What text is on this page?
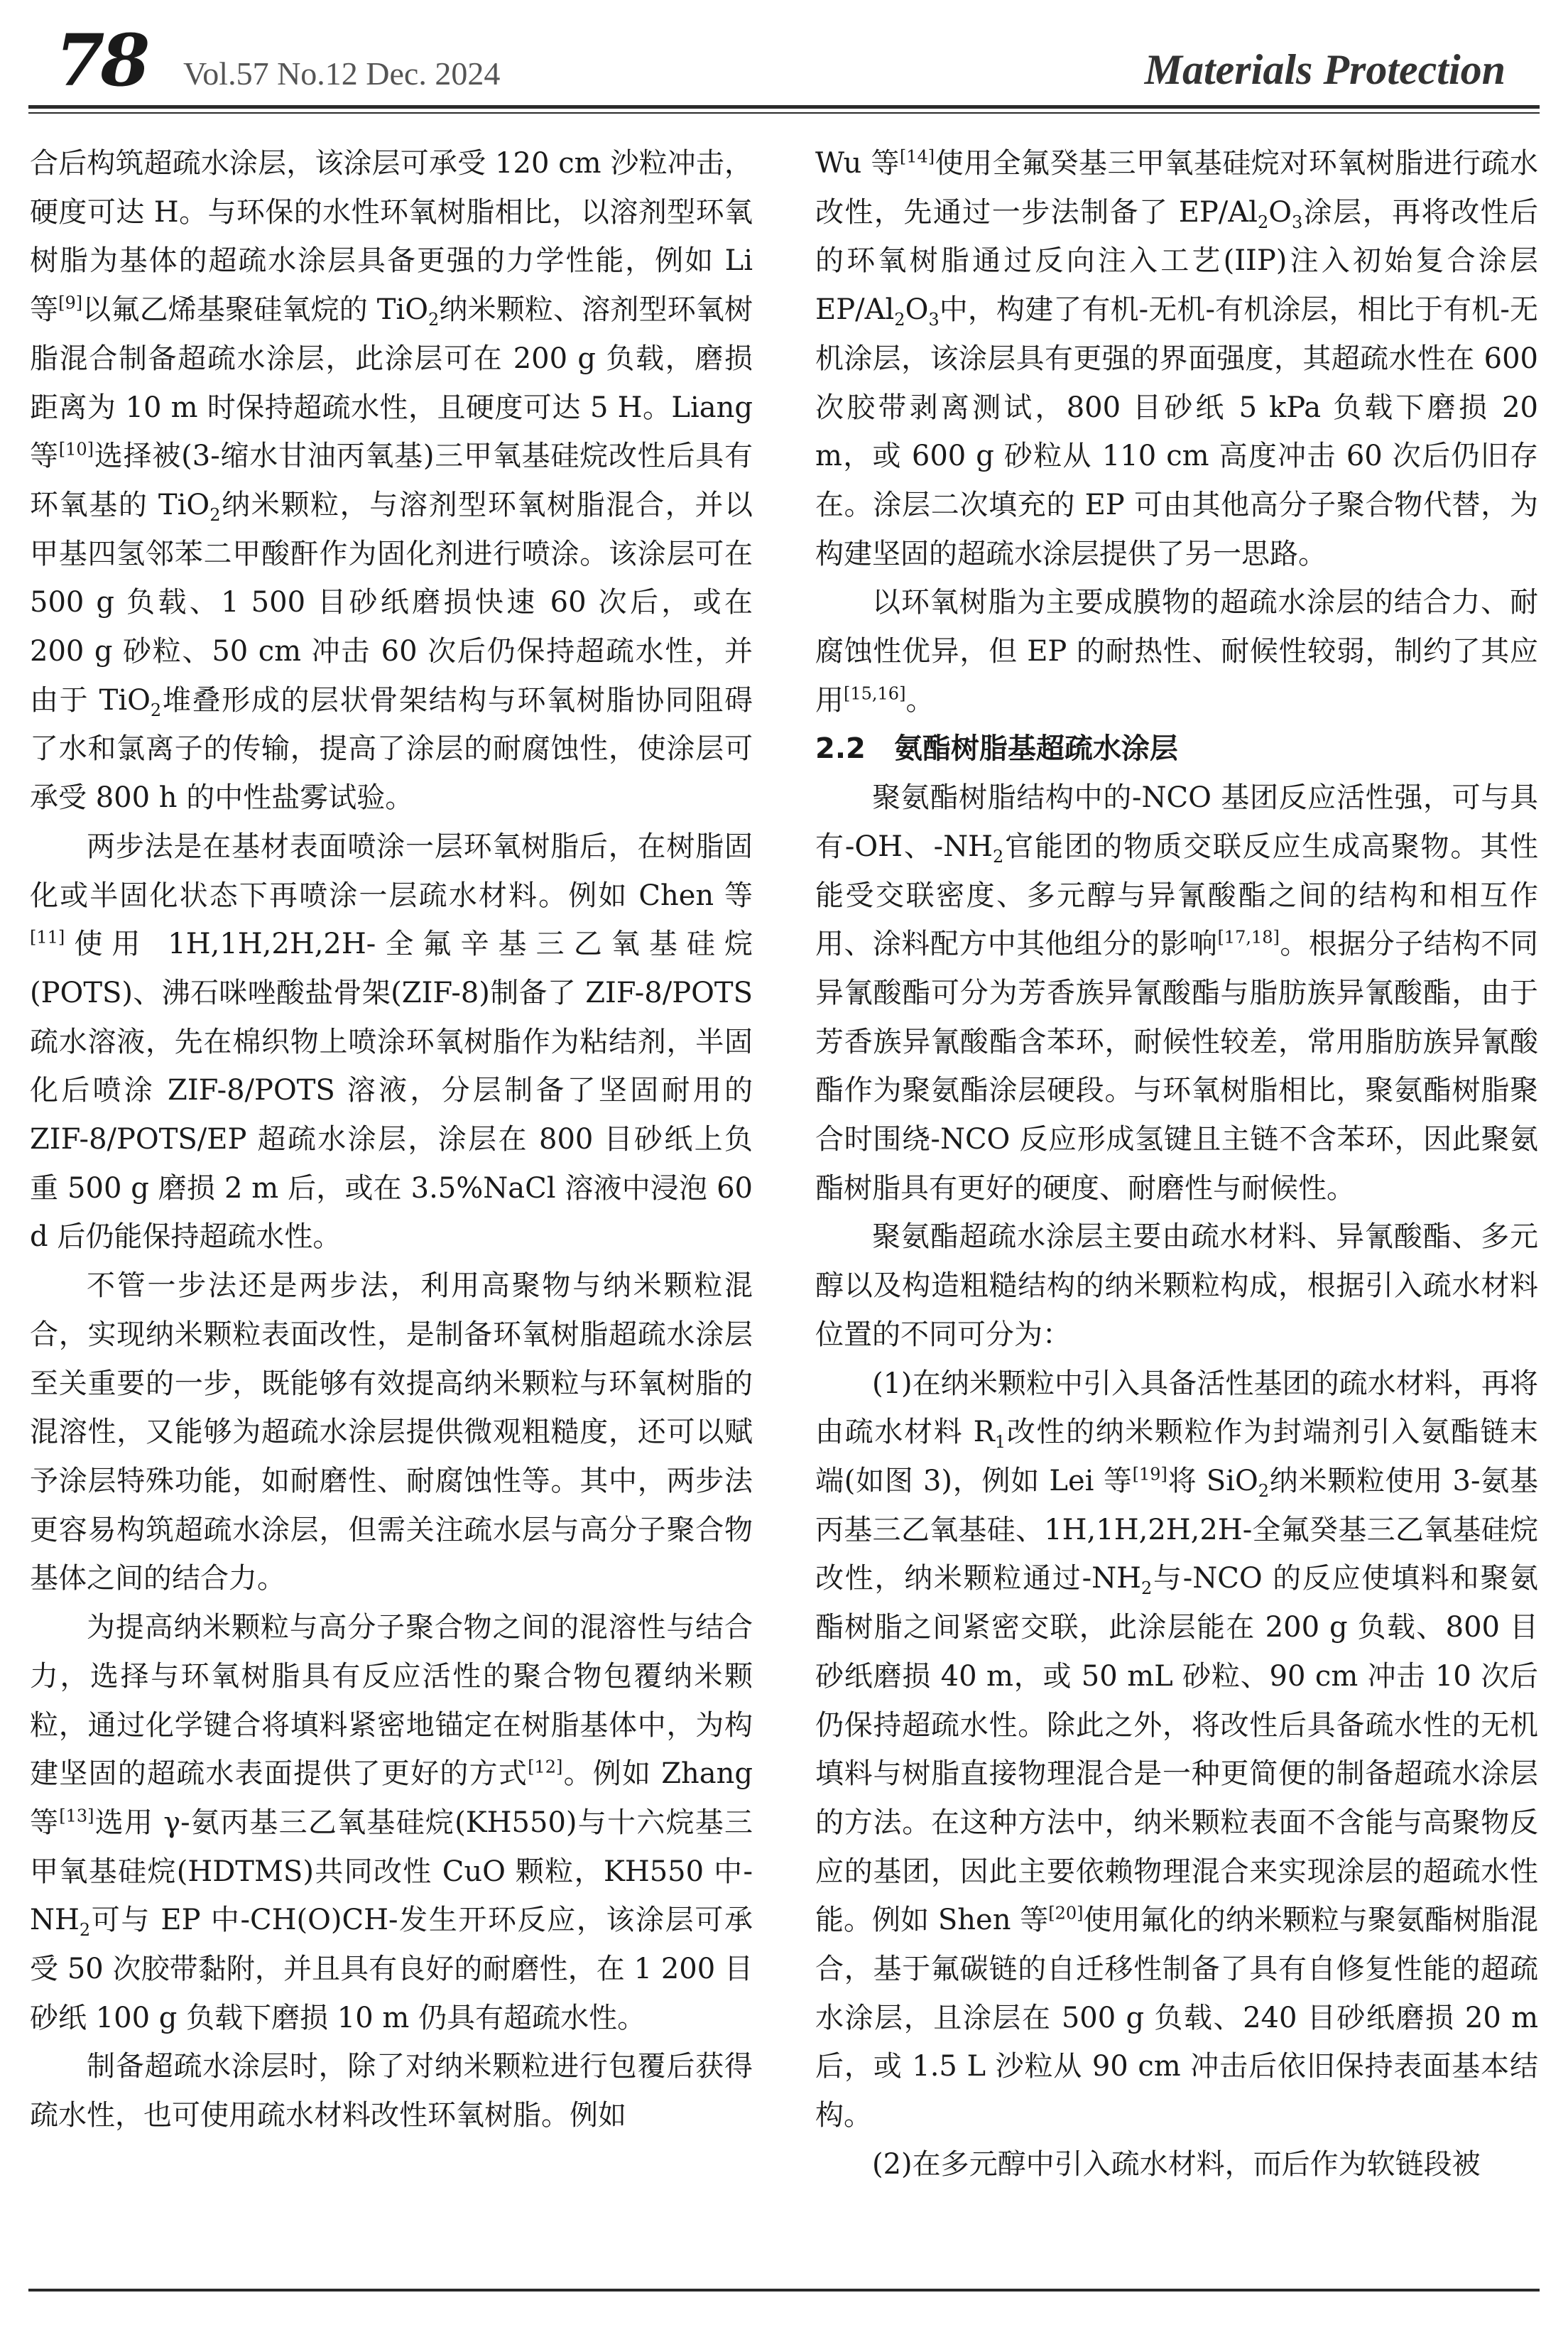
78 Vol.57 No.12 Dec. 2024	Materials Protection

合后构筑超疏水涂层，该涂层可承受 120 cm 沙粒冲击，硬度可达 H。与环保的水性环氧树脂相比，以溶剂型环氧树脂为基体的超疏水涂层具备更强的力学性能，例如 Li 等[9]以氟乙烯基聚硅氧烷的 TiO$_2$纳米颗粒、溶剂型环氧树脂混合制备超疏水涂层，此涂层可在 200 g 负载，磨损距离为 10 m 时保持超疏水性，且硬度可达 5 H。Liang 等[10]选择被(3-缩水甘油丙氧基)三甲氧基硅烷改性后具有环氧基的 TiO$_2$纳米颗粒，与溶剂型环氧树脂混合，并以甲基四氢邻苯二甲酸酐作为固化剂进行喷涂。该涂层可在 500 g 负载、1 500 目砂纸磨损快速 60 次后，或在 200 g 砂粒、50 cm 冲击 60 次后仍保持超疏水性，并由于 TiO$_2$堆叠形成的层状骨架结构与环氧树脂协同阻碍了水和氯离子的传输，提高了涂层的耐腐蚀性，使涂层可承受 800 h 的中性盐雾试验。

两步法是在基材表面喷涂一层环氧树脂后，在树脂固化或半固化状态下再喷涂一层疏水材料。例如 Chen 等[11]使用 1H,1H,2H,2H-全氟辛基三乙氧基硅烷(POTS)、沸石咪唑酸盐骨架(ZIF-8)制备了 ZIF-8/POTS 疏水溶液，先在棉织物上喷涂环氧树脂作为粘结剂，半固化后喷涂 ZIF-8/POTS 溶液，分层制备了坚固耐用的 ZIF-8/POTS/EP 超疏水涂层，涂层在 800 目砂纸上负重 500 g 磨损 2 m 后，或在 3.5%NaCl 溶液中浸泡 60 d 后仍能保持超疏水性。

不管一步法还是两步法，利用高聚物与纳米颗粒混合，实现纳米颗粒表面改性，是制备环氧树脂超疏水涂层至关重要的一步，既能够有效提高纳米颗粒与环氧树脂的混溶性，又能够为超疏水涂层提供微观粗糙度，还可以赋予涂层特殊功能，如耐磨性、耐腐蚀性等。其中，两步法更容易构筑超疏水涂层，但需关注疏水层与高分子聚合物基体之间的结合力。

为提高纳米颗粒与高分子聚合物之间的混溶性与结合力，选择与环氧树脂具有反应活性的聚合物包覆纳米颗粒，通过化学键合将填料紧密地锚定在树脂基体中，为构建坚固的超疏水表面提供了更好的方式[12]。例如 Zhang 等[13]选用 γ-氨丙基三乙氧基硅烷(KH550)与十六烷基三甲氧基硅烷(HDTMS)共同改性 CuO 颗粒，KH550 中$-NH_2$可与 EP 中-CH(O)CH-发生开环反应，该涂层可承受 50 次胶带黏附，并且具有良好的耐磨性，在 1 200 目砂纸 100 g 负载下磨损 10 m 仍具有超疏水性。

制备超疏水涂层时，除了对纳米颗粒进行包覆后获得疏水性，也可使用疏水材料改性环氧树脂。例如

Wu 等[14]使用全氟癸基三甲氧基硅烷对环氧树脂进行疏水改性，先通过一步法制备了 $EP/Al_2O_3$涂层，再将改性后的环氧树脂通过反向注入工艺(IIP)注入初始复合涂层 $EP/Al_2O_3$中，构建了有机-无机-有机涂层，相比于有机-无机涂层，该涂层具有更强的界面强度，其超疏水性在 600 次胶带剥离测试，800 目砂纸 5 kPa 负载下磨损 20 m，或 600 g 砂粒从 110 cm 高度冲击 60 次后仍旧存在。涂层二次填充的 EP 可由其他高分子聚合物代替，为构建坚固的超疏水涂层提供了另一思路。

以环氧树脂为主要成膜物的超疏水涂层的结合力、耐腐蚀性优异，但 EP 的耐热性、耐候性较弱，制约了其应用[15,16]。

2.2　氨酯树脂基超疏水涂层

聚氨酯树脂结构中的-NCO 基团反应活性强，可与具有-OH、$-NH_2$官能团的物质交联反应生成高聚物。其性能受交联密度、多元醇与异氰酸酯之间的结构和相互作用、涂料配方中其他组分的影响[17,18]。根据分子结构不同异氰酸酯可分为芳香族异氰酸酯与脂肪族异氰酸酯，由于芳香族异氰酸酯含苯环，耐候性较差，常用脂肪族异氰酸酯作为聚氨酯涂层硬段。与环氧树脂相比，聚氨酯树脂聚合时围绕-NCO 反应形成氢键且主链不含苯环，因此聚氨酯树脂具有更好的硬度、耐磨性与耐候性。

聚氨酯超疏水涂层主要由疏水材料、异氰酸酯、多元醇以及构造粗糙结构的纳米颗粒构成，根据引入疏水材料位置的不同可分为：

(1)在纳米颗粒中引入具备活性基团的疏水材料，再将由疏水材料 $R_1$改性的纳米颗粒作为封端剂引入氨酯链末端(如图 3)，例如 Lei 等[19]将 SiO$_2$纳米颗粒使用 3-氨基丙基三乙氧基硅、1H,1H,2H,2H-全氟癸基三乙氧基硅烷改性，纳米颗粒通过$-NH_2$与-NCO 的反应使填料和聚氨酯树脂之间紧密交联，此涂层能在 200 g 负载、800 目砂纸磨损 40 m，或 50 mL 砂粒、90 cm 冲击 10 次后仍保持超疏水性。除此之外，将改性后具备疏水性的无机填料与树脂直接物理混合是一种更简便的制备超疏水涂层的方法。在这种方法中，纳米颗粒表面不含能与高聚物反应的基团，因此主要依赖物理混合来实现涂层的超疏水性能。例如 Shen 等[20]使用氟化的纳米颗粒与聚氨酯树脂混合，基于氟碳链的自迁移性制备了具有自修复性能的超疏水涂层，且涂层在 500 g 负载、240 目砂纸磨损 20 m 后，或 1.5 L 沙粒从 90 cm 冲击后依旧保持表面基本结构。

(2)在多元醇中引入疏水材料，而后作为软链段被
